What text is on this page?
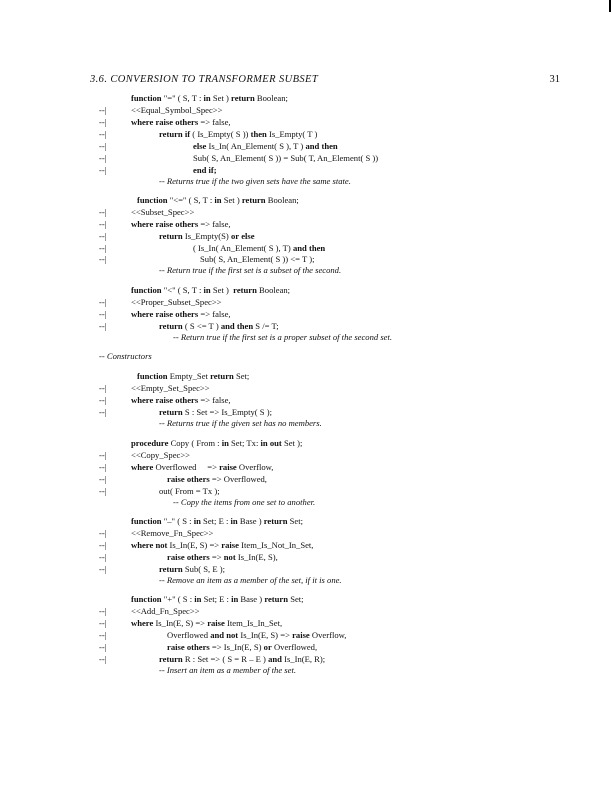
3.6. CONVERSION TO TRANSFORMER SUBSET	31
function "=" ( S, T : in Set ) return Boolean;
--|	<<Equal_Symbol_Spec>>
--|	where raise others => false,
--|	return if ( Is_Empty( S )) then Is_Empty( T )
--|	else Is_In( An_Element( S ), T ) and then
--|	Sub( S, An_Element( S )) = Sub( T, An_Element( S ))
--|	end if;
-- Returns true if the two given sets have the same state.
function "<=" ( S, T : in Set ) return Boolean;
--|	<<Subset_Spec>>
--|	where raise others => false,
--|	return Is_Empty(S) or else
--|	( Is_In( An_Element( S ), T) and then
--|	Sub( S, An_Element( S )) <= T );
-- Return true if the first set is a subset of the second.
function "<" ( S, T : in Set ) return Boolean;
--|	<<Proper_Subset_Spec>>
--|	where raise others => false,
--|	return ( S <= T ) and then S /= T;
-- Return true if the first set is a proper subset of the second set.
-- Constructors
function Empty_Set return Set;
--|	<<Empty_Set_Spec>>
--|	where raise others => false,
--|	return S : Set => Is_Empty( S );
-- Returns true if the given set has no members.
procedure Copy ( From : in Set; Tx: in out Set );
--|	<<Copy_Spec>>
--|	where Overflowed => raise Overflow,
--|	raise others => Overflowed,
--|	out( From = Tx );
-- Copy the items from one set to another.
function "–" ( S : in Set; E : in Base ) return Set;
--|	<<Remove_Fn_Spec>>
--|	where not Is_In(E, S) => raise Item_Is_Not_In_Set,
--|	raise others => not Is_In(E, S),
--|	return Sub( S, E );
-- Remove an item as a member of the set, if it is one.
function "+" ( S : in Set; E : in Base ) return Set;
--|	<<Add_Fn_Spec>>
--|	where Is_In(E, S) => raise Item_Is_In_Set,
--|	Overflowed and not Is_In(E, S) => raise Overflow,
--|	raise others => Is_In(E, S) or Overflowed,
--|	return R : Set => ( S = R – E ) and Is_In(E, R);
-- Insert an item as a member of the set.
